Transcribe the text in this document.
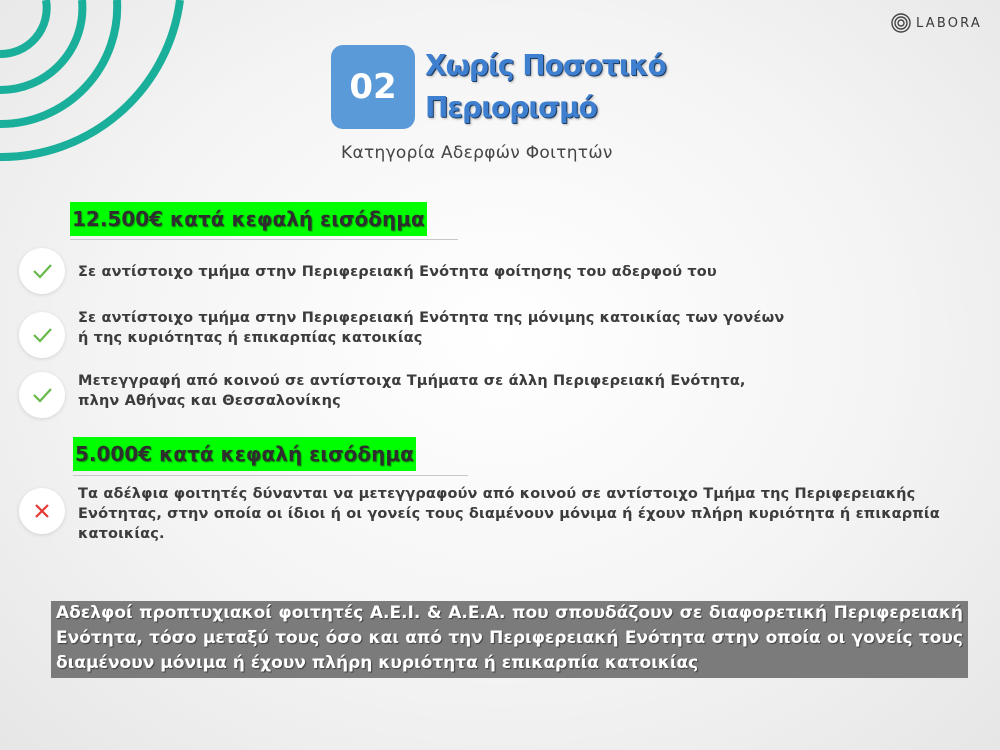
LABORA
02
Χωρίς Ποσοτικό
Περιορισμό
Κατηγορία Αδερφών Φοιτητών
12.500€ κατά κεφαλή εισόδημα
Σε αντίστοιχο τμήμα στην Περιφερειακή Ενότητα φοίτησης του αδερφού του
Σε αντίστοιχο τμήμα στην Περιφερειακή Ενότητα της μόνιμης κατοικίας των γονέων
ή της κυριότητας ή επικαρπίας κατοικίας
Μετεγγραφή από κοινού σε αντίστοιχα Τμήματα σε άλλη Περιφερειακή Ενότητα,
πλην Αθήνας και Θεσσαλονίκης
5.000€ κατά κεφαλή εισόδημα
Τα αδέλφια φοιτητές δύνανται να μετεγγραφούν από κοινού σε αντίστοιχο Τμήμα της Περιφερειακής
Ενότητας, στην οποία οι ίδιοι ή οι γονείς τους διαμένουν μόνιμα ή έχουν πλήρη κυριότητα ή επικαρπία
κατοικίας.
Αδελφοί προπτυχιακοί φοιτητές Α.Ε.Ι. & Α.Ε.Α. που σπουδάζουν σε διαφορετική Περιφερειακή Ενότητα, τόσο μεταξύ τους όσο και από την Περιφερειακή Ενότητα στην οποία οι γονείς τους διαμένουν μόνιμα ή έχουν πλήρη κυριότητα ή επικαρπία κατοικίας
